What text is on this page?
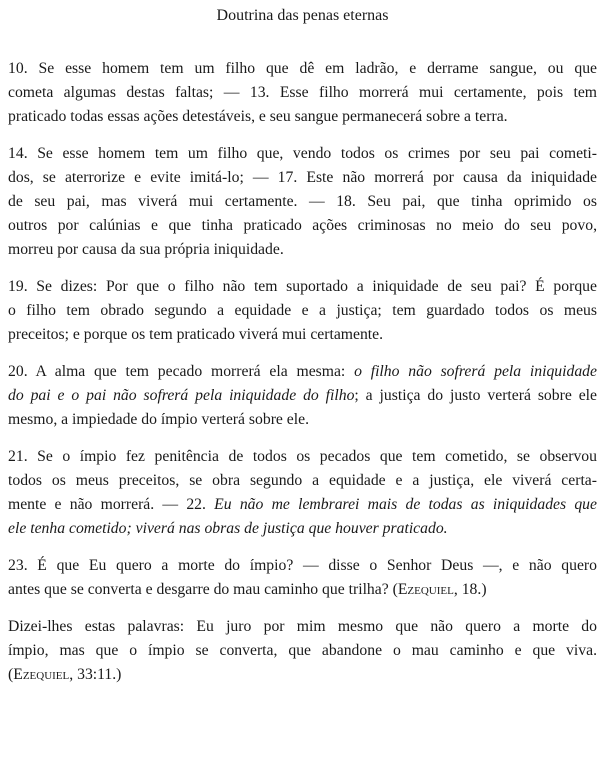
Doutrina das penas eternas

10. Se esse homem tem um filho que dê em ladrão, e derrame sangue, ou que
cometa algumas destas faltas; — 13. Esse filho morrerá mui certamente, pois tem
praticado todas essas ações detestáveis, e seu sangue permanecerá sobre a terra.

14. Se esse homem tem um filho que, vendo todos os crimes por seu pai cometi-
dos, se aterrorize e evite imitá-lo; — 17. Este não morrerá por causa da iniquidade
de seu pai, mas viverá mui certamente. — 18. Seu pai, que tinha oprimido os
outros por calúnias e que tinha praticado ações criminosas no meio do seu povo,
morreu por causa da sua própria iniquidade.

19. Se dizes: Por que o filho não tem suportado a iniquidade de seu pai? É porque
o filho tem obrado segundo a equidade e a justiça; tem guardado todos os meus
preceitos; e porque os tem praticado viverá mui certamente.

20. A alma que tem pecado morrerá ela mesma: o filho não sofrerá pela iniquidade
do pai e o pai não sofrerá pela iniquidade do filho; a justiça do justo verterá sobre ele
mesmo, a impiedade do ímpio verterá sobre ele.

21. Se o ímpio fez penitência de todos os pecados que tem cometido, se observou
todos os meus preceitos, se obra segundo a equidade e a justiça, ele viverá certa-
mente e não morrerá. — 22. Eu não me lembrarei mais de todas as iniquidades que
ele tenha cometido; viverá nas obras de justiça que houver praticado.

23. É que Eu quero a morte do ímpio? — disse o Senhor Deus —, e não quero
antes que se converta e desgarre do mau caminho que trilha? (Ezequiel, 18.)

Dizei-lhes estas palavras: Eu juro por mim mesmo que não quero a morte do
ímpio, mas que o ímpio se converta, que abandone o mau caminho e que viva.
(Ezequiel, 33:11.)
